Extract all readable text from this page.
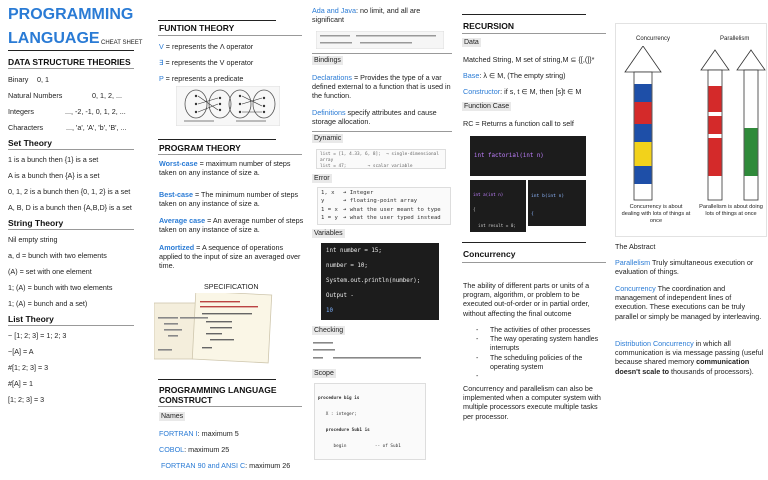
PROGRAMMING
LANGUAGE CHEAT SHEET
DATA STRUCTURE THEORIES
Binary 0, 1
Natural Numbers	0, 1, 2, ...
Integers	..., -2, -1, 0, 1, 2, ...
Characters	..., 'a', 'A', 'b', 'B', ...
Set Theory
1 is a bunch then {1} is a set
A is a bunch then {A} is a set
0, 1, 2 is a bunch then {0, 1, 2} is a set
A, B, D is a bunch then {A,B,D} is a set
String Theory
Nil empty string
a, d = bunch with two elements
(A) = set with one element
1; (A) = bunch with two elements
1; (A) = bunch and a set)
List Theory
~ [1; 2; 3] = 1; 2; 3
~[A] = A
#[1; 2; 3] = 3
#[A] = 1
[1; 2; 3] = 3
FUNTION THEORY
V = represents the Λ operator
∃ = represents the V operator
P = represents a predicate
PROGRAM THEORY
Worst-case = maximum number of steps taken on any instance of size a.
Best-case = The minimum number of steps taken on any instance of size a.
Average case = An average number of steps taken on any instance of size a.
Amortized = A sequence of operations applied to the input of size an averaged over time.
SPECIFICATION
PROGRAMMING LANGUAGE
CONSTRUCT
Names
FORTRAN I: maximum 5
COBOL: maximum 25
FORTRAN 90 and ANSI C: maximum 26
Ada and Java: no limit, and all are significant
Bindings
Declarations = Provides the type of a var defined external to a function that is used in the function.
Definitions specify attributes and cause storage allocation.
Dynamic
list = [1, 4.33, 6, 8];  → single-dimensional array
list = 47;        → scalar variable
Error
1, x ➔ Integer
y	➔ floating-point array
1 = x ➔ what the user meant to type
1 = y ➔ what the user typed instead
Variables
int number = 15;
number = 10;
System.out.println(number);
Output -
10
Checking
Scope

procedure big is

X : integer;

procedure Sub1 is

begin           -- of Sub1

RECURSION
Data
Matched String, M set of string,M ⊆ {[,(]}*
Base: λ ∈ M, (The empty string)
Constructor: if s, t ∈ M, then [s]t ∈ M
Function Case
RC = Returns a function call to self

int factorial(int n)

int a(int n)

{

int result = 0;

int b(int n)

{

Concurrency
The ability of different parts or units of a program, algorithm, or problem to be executed out-of-order or in partial order, without affecting the final outcome
- The activities of other processes
- The way operating system handles interrupts
- The scheduling policies of the operating system
-
Concurrency and parallelism can also be implemented when a computer system with multiple processors execute multiple tasks per processor.
Concurrency	Parallelism
Concurrency is about dealing with lots of things at once
Parallelism is about doing lots of things at once
The Abstract
Parallelism Truly simultaneous execution or evaluation of things.
Concurrency The coordination and management of independent lines of execution. These executions can be truly parallel or simply be managed by interleaving.
Distribution Concurrency in which all communication is via message passing (useful because shared memory communication doesn't scale to thousands of processors).
